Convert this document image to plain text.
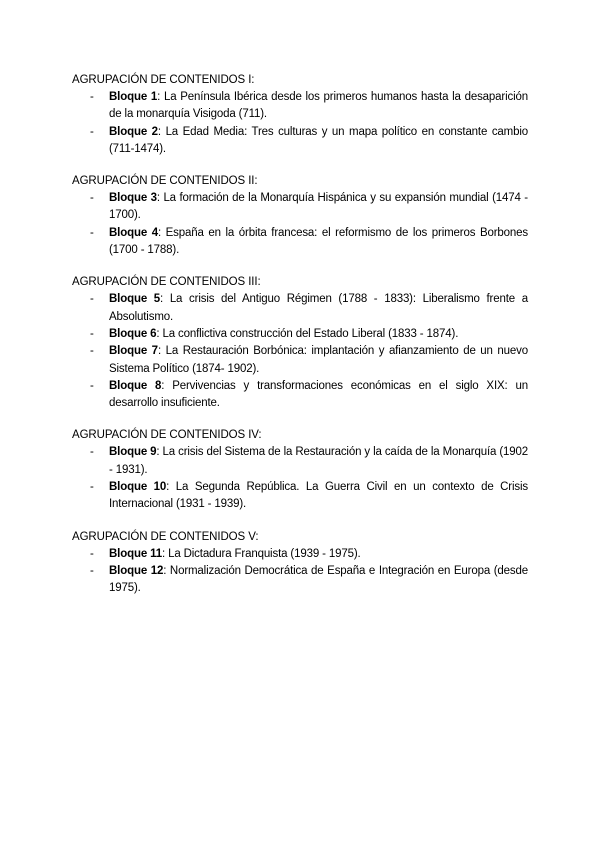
AGRUPACIÓN DE CONTENIDOS I:
- Bloque 1: La Península Ibérica desde los primeros humanos hasta la desaparición de la monarquía Visigoda (711).
- Bloque 2: La Edad Media: Tres culturas y un mapa político en constante cambio (711-1474).
AGRUPACIÓN DE CONTENIDOS II:
- Bloque 3: La formación de la Monarquía Hispánica y su expansión mundial (1474 - 1700).
- Bloque 4: España en la órbita francesa: el reformismo de los primeros Borbones (1700 - 1788).
AGRUPACIÓN DE CONTENIDOS III:
- Bloque 5: La crisis del Antiguo Régimen (1788 - 1833): Liberalismo frente a Absolutismo.
- Bloque 6: La conflictiva construcción del Estado Liberal (1833 - 1874).
- Bloque 7: La Restauración Borbónica: implantación y afianzamiento de un nuevo Sistema Político (1874- 1902).
- Bloque 8: Pervivencias y transformaciones económicas en el siglo XIX: un desarrollo insuficiente.
AGRUPACIÓN DE CONTENIDOS IV:
- Bloque 9: La crisis del Sistema de la Restauración y la caída de la Monarquía (1902 - 1931).
- Bloque 10: La Segunda República. La Guerra Civil en un contexto de Crisis Internacional (1931 - 1939).
AGRUPACIÓN DE CONTENIDOS V:
- Bloque 11: La Dictadura Franquista (1939 - 1975).
- Bloque 12: Normalización Democrática de España e Integración en Europa (desde 1975).
